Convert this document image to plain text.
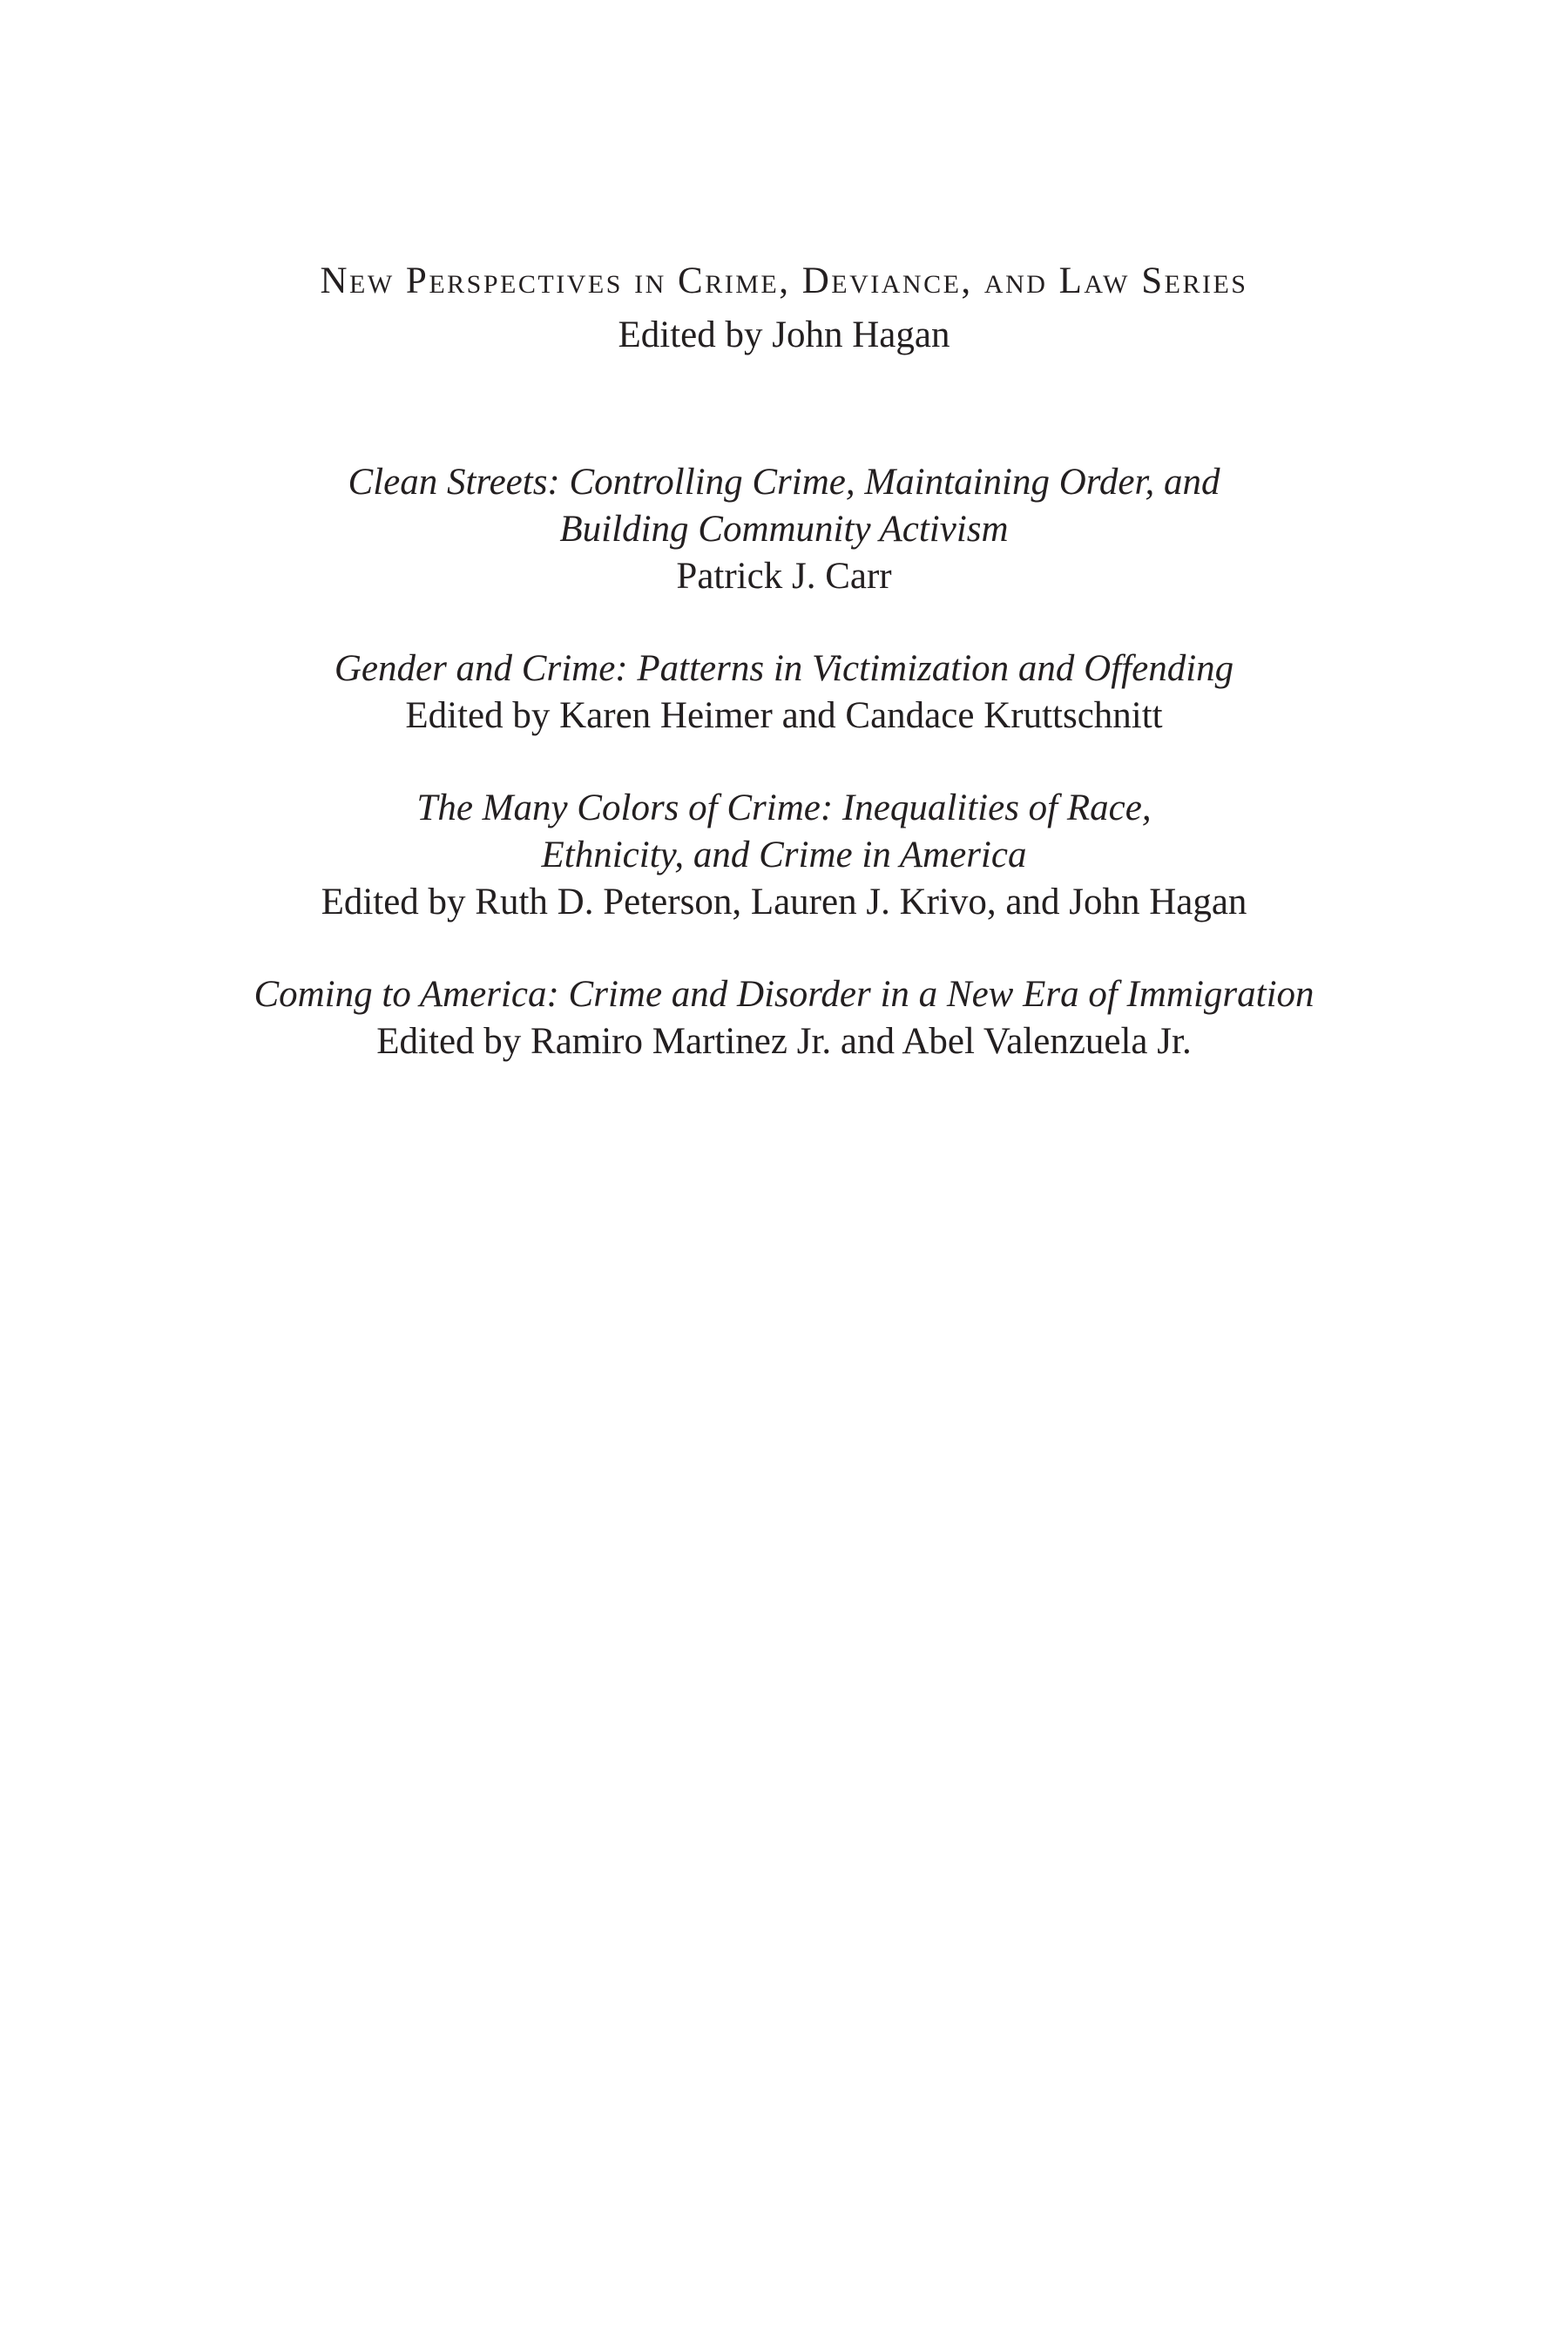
New Perspectives in Crime, Deviance, and Law Series
Edited by John Hagan
Clean Streets: Controlling Crime, Maintaining Order, and
Building Community Activism
Patrick J. Carr
Gender and Crime: Patterns in Victimization and Offending
Edited by Karen Heimer and Candace Kruttschnitt
The Many Colors of Crime: Inequalities of Race,
Ethnicity, and Crime in America
Edited by Ruth D. Peterson, Lauren J. Krivo, and John Hagan
Coming to America: Crime and Disorder in a New Era of Immigration
Edited by Ramiro Martinez Jr. and Abel Valenzuela Jr.
